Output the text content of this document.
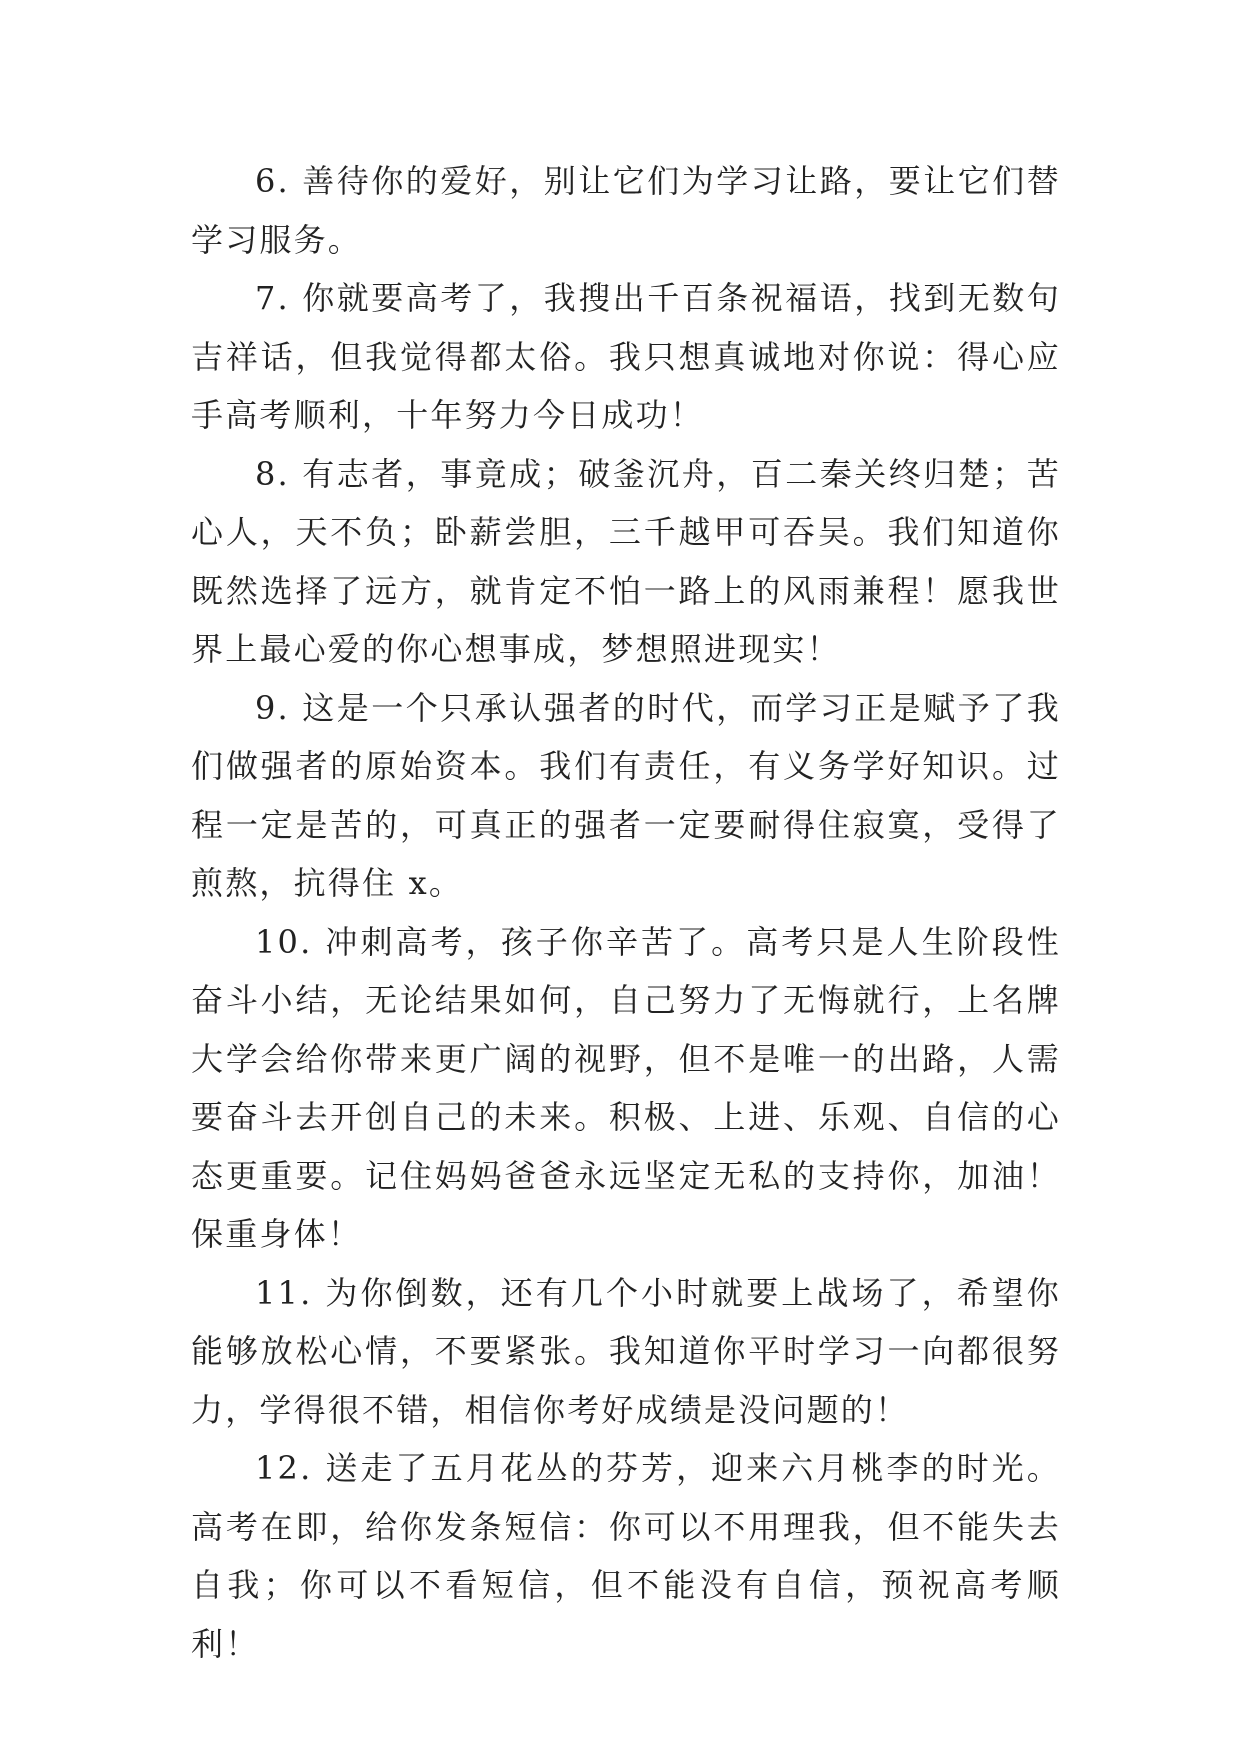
6. 善待你的爱好，别让它们为学习让路，要让它们替学习服务。

7. 你就要高考了，我搜出千百条祝福语，找到无数句吉祥话，但我觉得都太俗。我只想真诚地对你说：得心应手高考顺利，十年努力今日成功！

8. 有志者，事竟成；破釜沉舟，百二秦关终归楚；苦心人，天不负；卧薪尝胆，三千越甲可吞吴。我们知道你既然选择了远方，就肯定不怕一路上的风雨兼程！愿我世界上最心爱的你心想事成，梦想照进现实！

9. 这是一个只承认强者的时代，而学习正是赋予了我们做强者的原始资本。我们有责任，有义务学好知识。过程一定是苦的，可真正的强者一定要耐得住寂寞，受得了煎熬，抗得住 x。

10. 冲刺高考，孩子你辛苦了。高考只是人生阶段性奋斗小结，无论结果如何，自己努力了无悔就行，上名牌大学会给你带来更广阔的视野，但不是唯一的出路，人需要奋斗去开创自己的未来。积极、上进、乐观、自信的心态更重要。记住妈妈爸爸永远坚定无私的支持你，加油！保重身体！

11. 为你倒数，还有几个小时就要上战场了，希望你能够放松心情，不要紧张。我知道你平时学习一向都很努力，学得很不错，相信你考好成绩是没问题的！

12. 送走了五月花丛的芬芳，迎来六月桃李的时光。高考在即，给你发条短信：你可以不用理我，但不能失去自我；你可以不看短信，但不能没有自信，预祝高考顺利！
